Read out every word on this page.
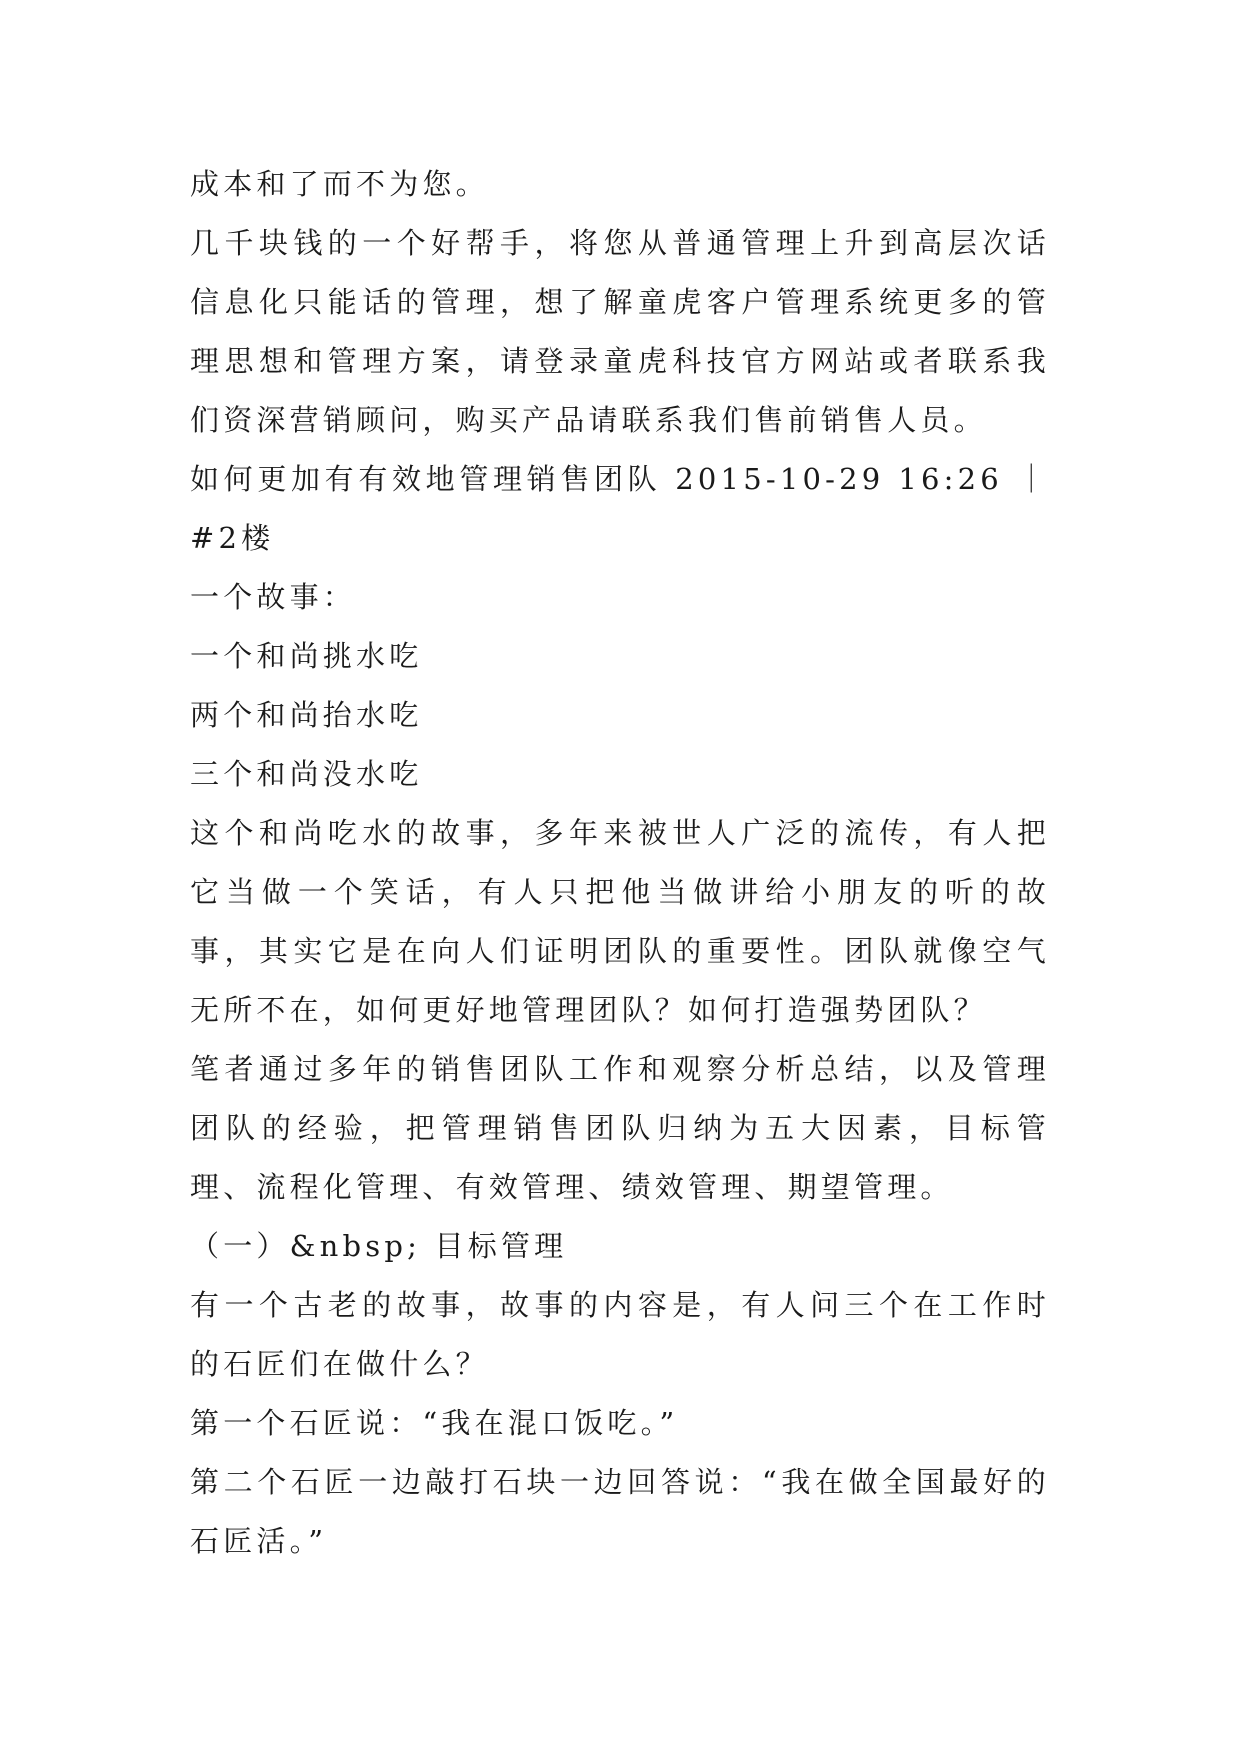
成本和了而不为您。

几千块钱的一个好帮手，将您从普通管理上升到高层次话信息化只能话的管理，想了解童虎客户管理系统更多的管理思想和管理方案，请登录童虎科技官方网站或者联系我们资深营销顾问，购买产品请联系我们售前销售人员。

如何更加有有效地管理销售团队 2015-10-29 16:26 ｜ #2楼

一个故事：

一个和尚挑水吃

两个和尚抬水吃

三个和尚没水吃

这个和尚吃水的故事，多年来被世人广泛的流传，有人把它当做一个笑话，有人只把他当做讲给小朋友的听的故事，其实它是在向人们证明团队的重要性。团队就像空气无所不在，如何更好地管理团队？如何打造强势团队？

笔者通过多年的销售团队工作和观察分析总结，以及管理团队的经验，把管理销售团队归纳为五大因素，目标管理、流程化管理、有效管理、绩效管理、期望管理。

（一）&nbsp; 目标管理

有一个古老的故事，故事的内容是，有人问三个在工作时的石匠们在做什么？

第一个石匠说：“我在混口饭吃。”

第二个石匠一边敲打石块一边回答说：“我在做全国最好的石匠活。”
